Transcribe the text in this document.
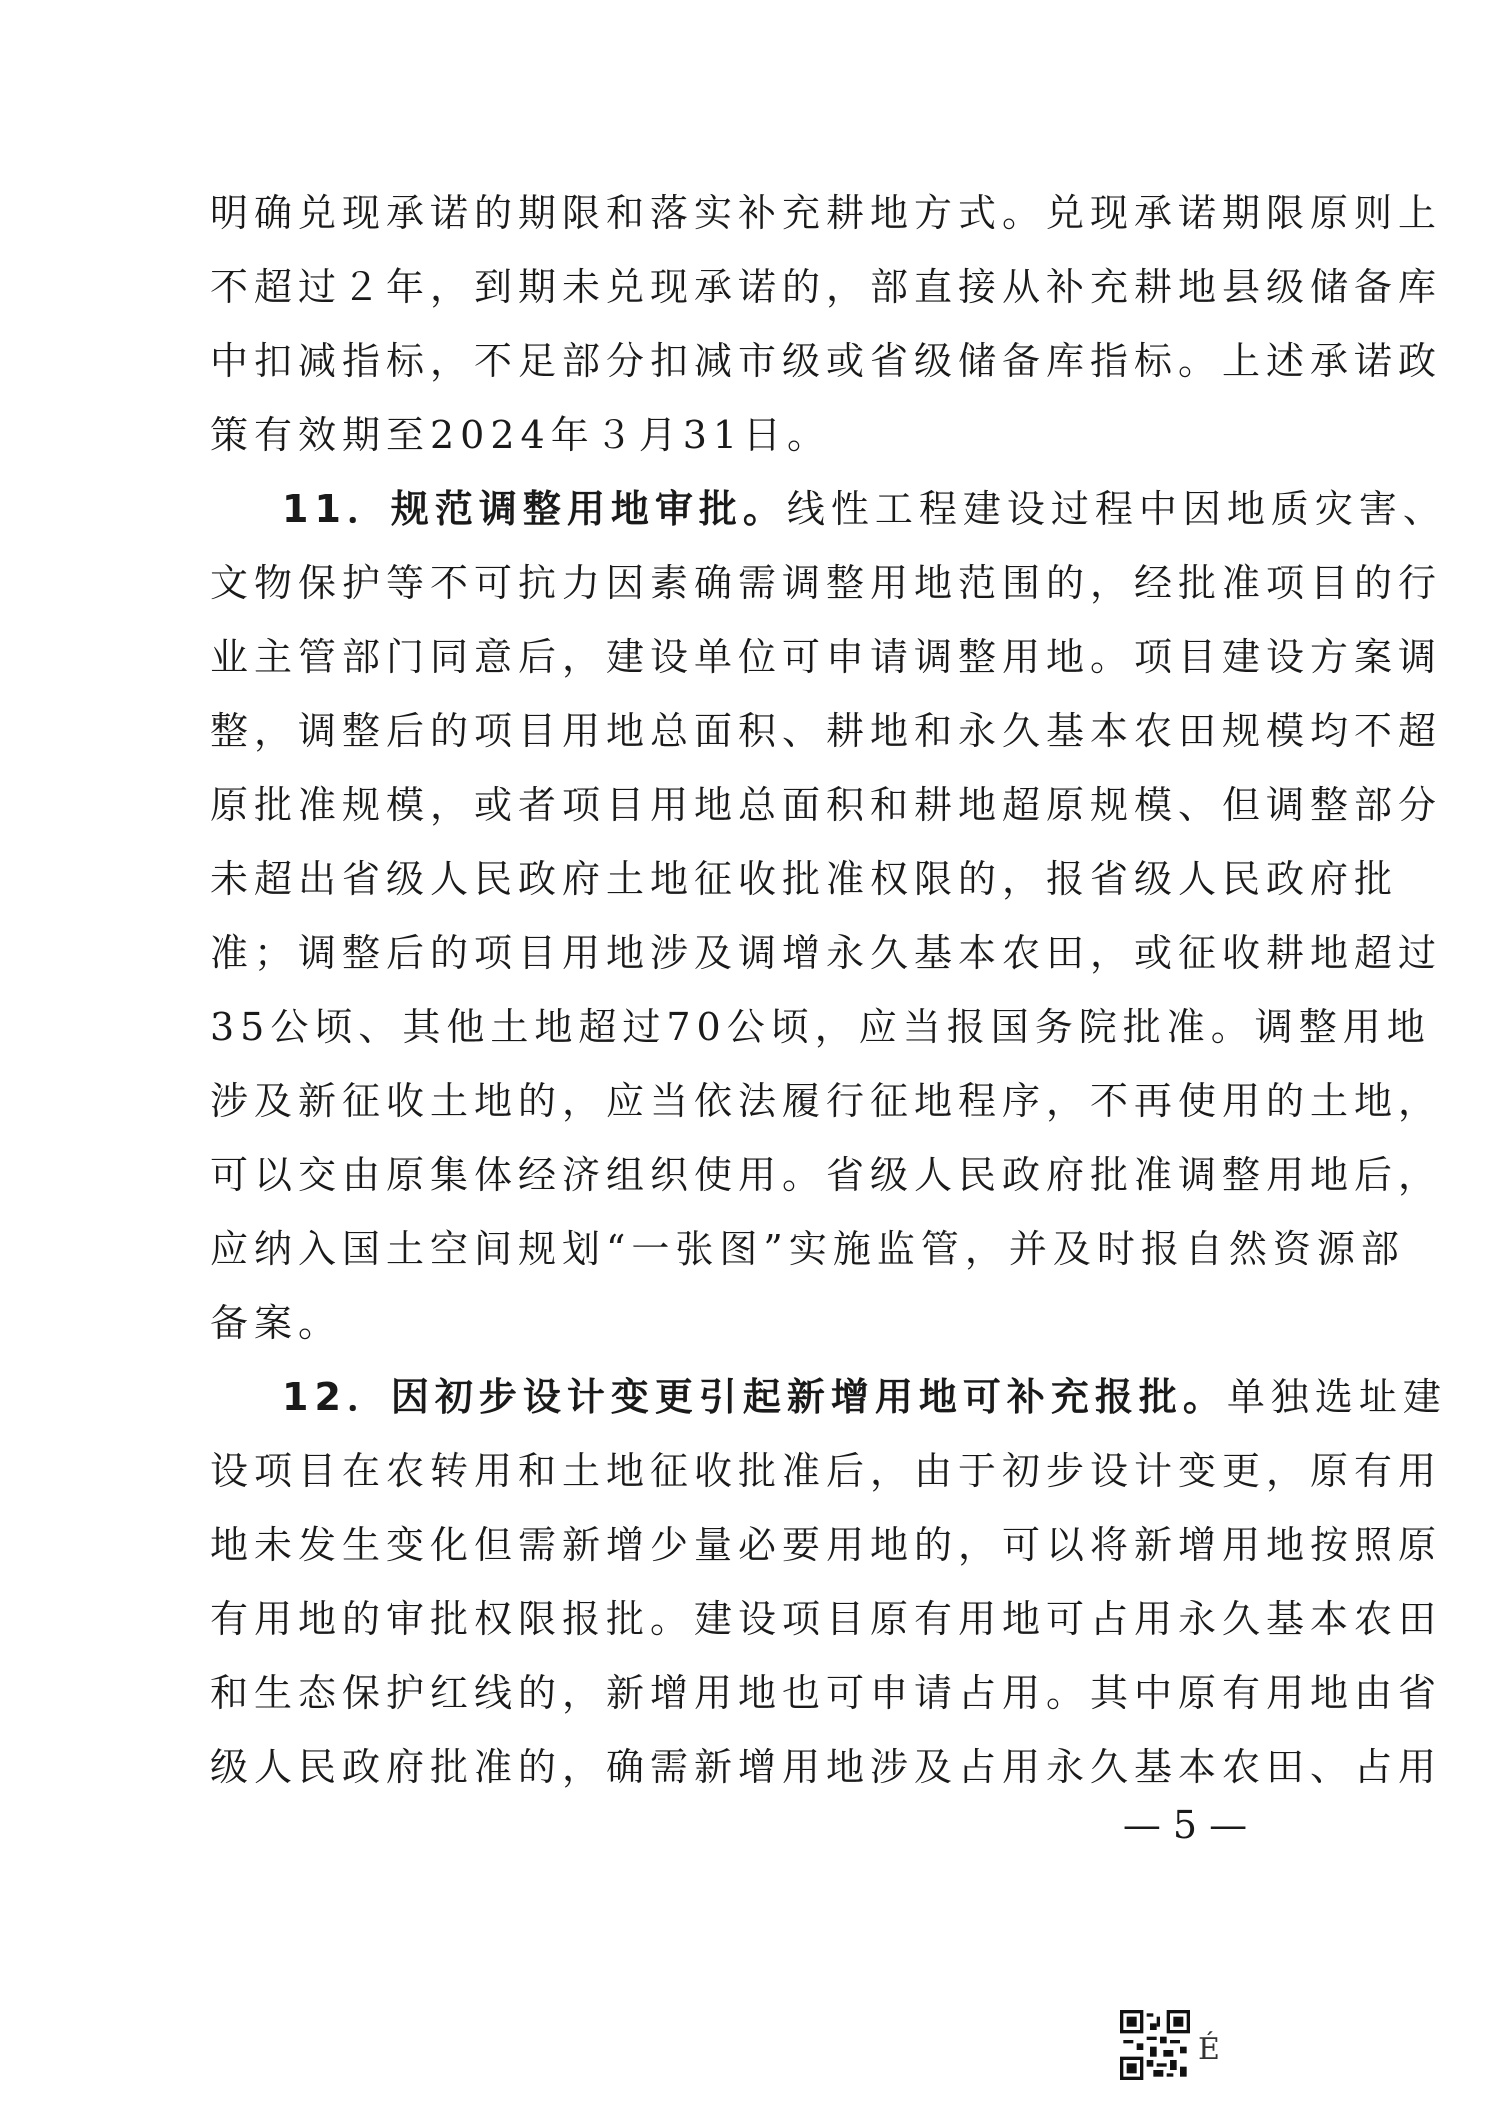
明确兑现承诺的期限和落实补充耕地方式。兑现承诺期限原则上
不超过２年，到期未兑现承诺的，部直接从补充耕地县级储备库
中扣减指标，不足部分扣减市级或省级储备库指标。上述承诺政
策有效期至2024年３月31日。
11．规范调整用地审批。线性工程建设过程中因地质灾害、
文物保护等不可抗力因素确需调整用地范围的，经批准项目的行
业主管部门同意后，建设单位可申请调整用地。项目建设方案调
整，调整后的项目用地总面积、耕地和永久基本农田规模均不超
原批准规模，或者项目用地总面积和耕地超原规模、但调整部分
未超出省级人民政府土地征收批准权限的，报省级人民政府批
准；调整后的项目用地涉及调增永久基本农田，或征收耕地超过
35公顷、其他土地超过70公顷，应当报国务院批准。调整用地
涉及新征收土地的，应当依法履行征地程序，不再使用的土地，
可以交由原集体经济组织使用。省级人民政府批准调整用地后，
应纳入国土空间规划“一张图”实施监管，并及时报自然资源部
备案。
12．因初步设计变更引起新增用地可补充报批。单独选址建
设项目在农转用和土地征收批准后，由于初步设计变更，原有用
地未发生变化但需新增少量必要用地的，可以将新增用地按照原
有用地的审批权限报批。建设项目原有用地可占用永久基本农田
和生态保护红线的，新增用地也可申请占用。其中原有用地由省
级人民政府批准的，确需新增用地涉及占用永久基本农田、占用
— 5 —
É
